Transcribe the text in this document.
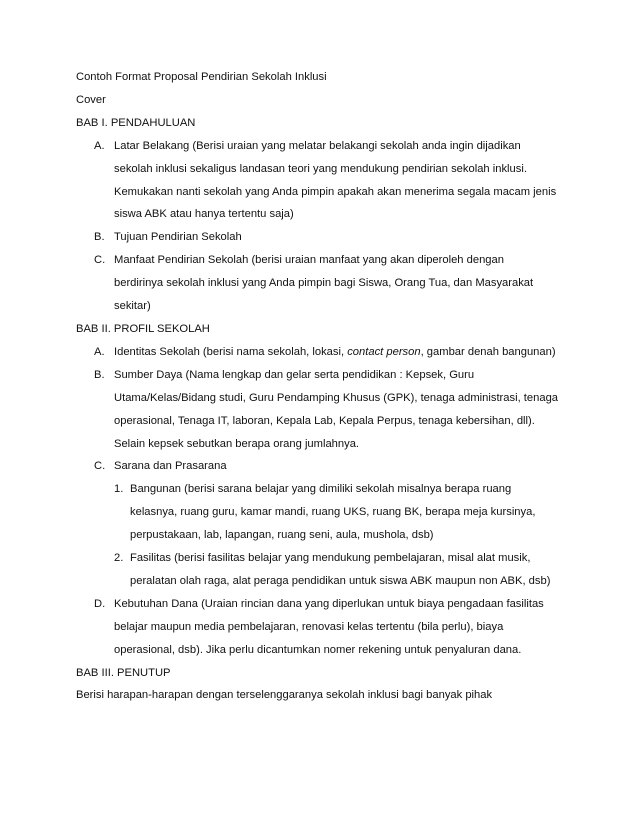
Contoh Format Proposal Pendirian Sekolah Inklusi
Cover
BAB I. PENDAHULUAN
A. Latar Belakang (Berisi uraian yang melatar belakangi sekolah anda ingin dijadikan
sekolah inklusi sekaligus landasan teori yang mendukung pendirian sekolah inklusi.
Kemukakan nanti sekolah yang Anda pimpin apakah akan menerima segala macam jenis
siswa ABK atau hanya tertentu saja)
B. Tujuan Pendirian Sekolah
C. Manfaat Pendirian Sekolah (berisi uraian manfaat yang akan diperoleh dengan
berdirinya sekolah inklusi yang Anda pimpin bagi Siswa, Orang Tua, dan Masyarakat
sekitar)
BAB II. PROFIL SEKOLAH
A. Identitas Sekolah (berisi nama sekolah, lokasi, contact person, gambar denah bangunan)
B. Sumber Daya (Nama lengkap dan gelar serta pendidikan : Kepsek, Guru
Utama/Kelas/Bidang studi, Guru Pendamping Khusus (GPK), tenaga administrasi, tenaga
operasional, Tenaga IT, laboran, Kepala Lab, Kepala Perpus, tenaga kebersihan, dll).
Selain kepsek sebutkan berapa orang jumlahnya.
C. Sarana dan Prasarana
1. Bangunan (berisi sarana belajar yang dimiliki sekolah misalnya berapa ruang
kelasnya, ruang guru, kamar mandi, ruang UKS, ruang BK, berapa meja kursinya,
perpustakaan, lab, lapangan, ruang seni, aula, mushola, dsb)
2. Fasilitas (berisi fasilitas belajar yang mendukung pembelajaran, misal alat musik,
peralatan olah raga, alat peraga pendidikan untuk siswa ABK maupun non ABK, dsb)
D. Kebutuhan Dana (Uraian rincian dana yang diperlukan untuk biaya pengadaan fasilitas
belajar maupun media pembelajaran, renovasi kelas tertentu (bila perlu), biaya
operasional, dsb). Jika perlu dicantumkan nomer rekening untuk penyaluran dana.
BAB III. PENUTUP
Berisi harapan-harapan dengan terselenggaranya sekolah inklusi bagi banyak pihak
